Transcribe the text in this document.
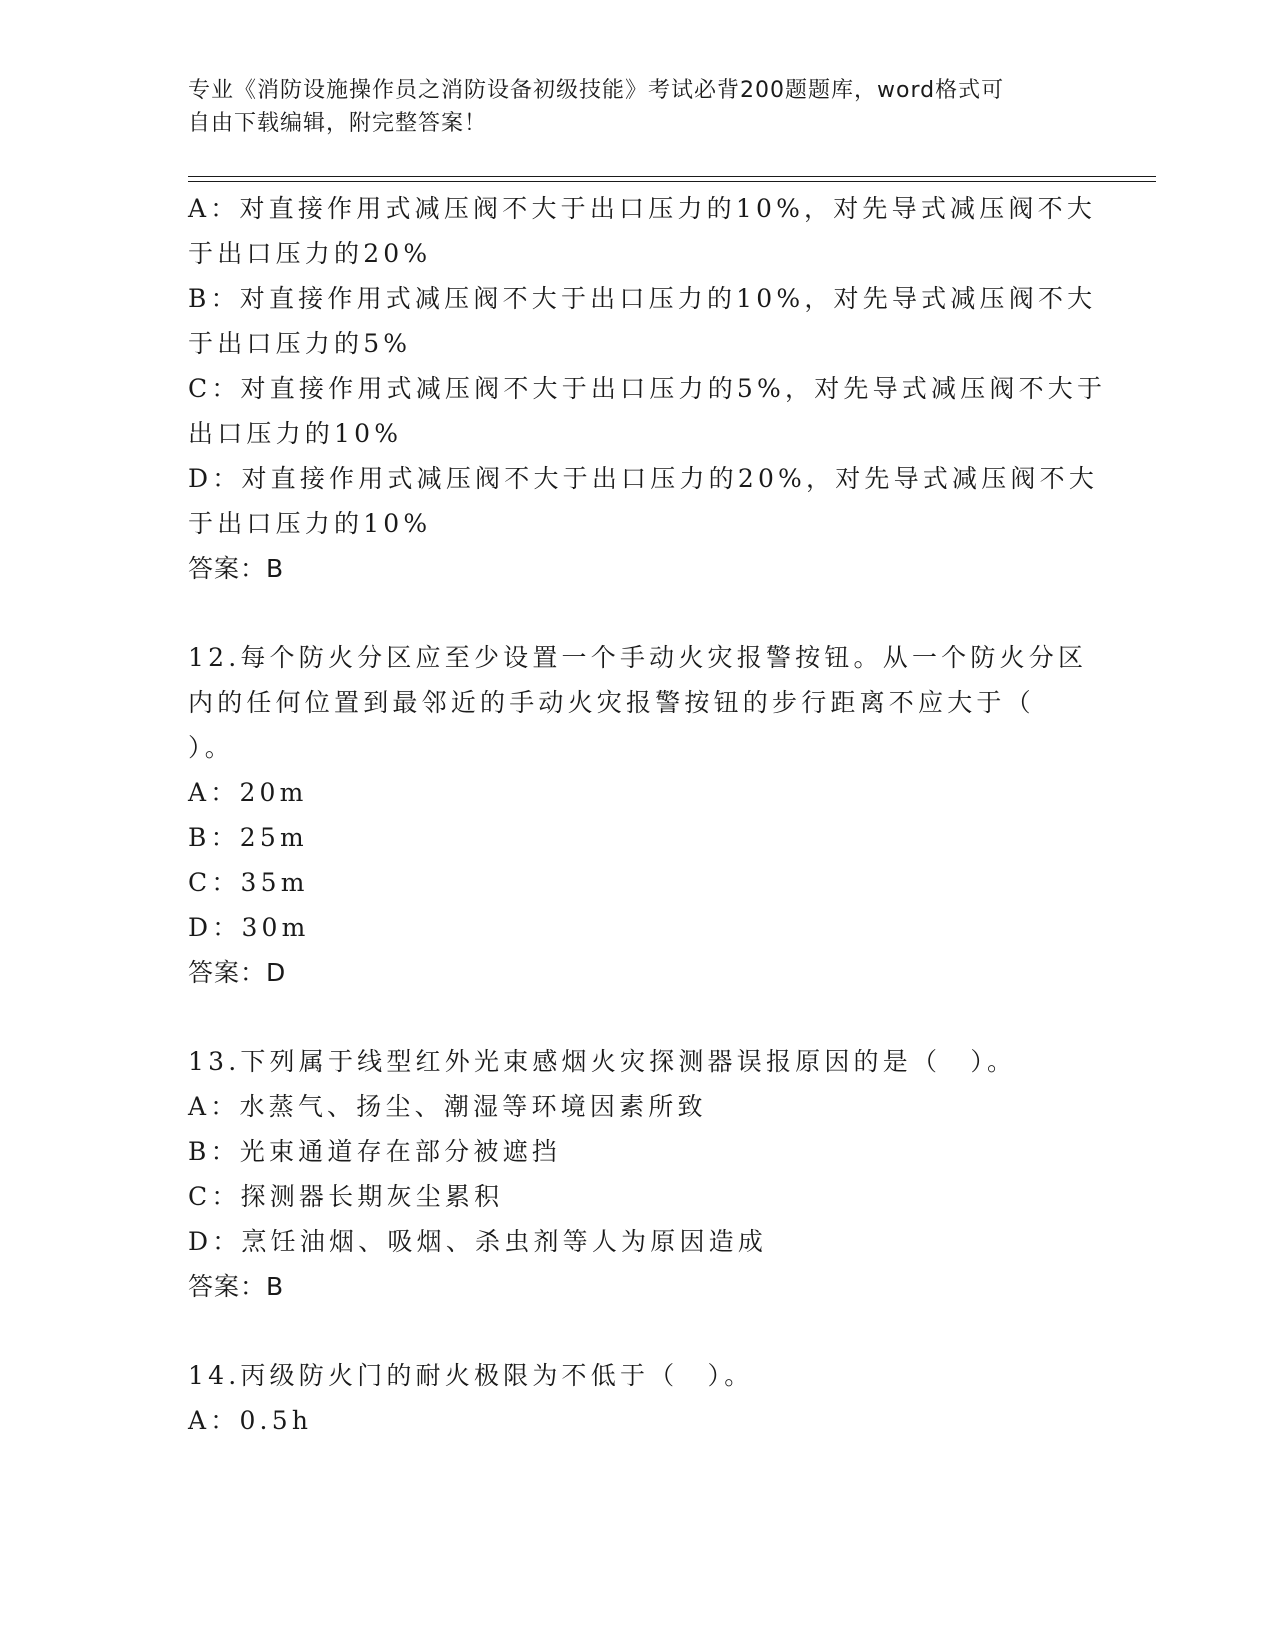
专业《消防设施操作员之消防设备初级技能》考试必背200题题库，word格式可
自由下载编辑，附完整答案！
A：对直接作用式减压阀不大于出口压力的10%，对先导式减压阀不大
于出口压力的20%
B：对直接作用式减压阀不大于出口压力的10%，对先导式减压阀不大
于出口压力的5%
C：对直接作用式减压阀不大于出口压力的5%，对先导式减压阀不大于
出口压力的10%
D：对直接作用式减压阀不大于出口压力的20%，对先导式减压阀不大
于出口压力的10%
答案：B
12.每个防火分区应至少设置一个手动火灾报警按钮。从一个防火分区
内的任何位置到最邻近的手动火灾报警按钮的步行距离不应大于（
）。
A：20m
B：25m
C：35m
D：30m
答案：D
13.下列属于线型红外光束感烟火灾探测器误报原因的是（　）。
A：水蒸气、扬尘、潮湿等环境因素所致
B：光束通道存在部分被遮挡
C：探测器长期灰尘累积
D：烹饪油烟、吸烟、杀虫剂等人为原因造成
答案：B
14.丙级防火门的耐火极限为不低于（　）。
A：0.5h
